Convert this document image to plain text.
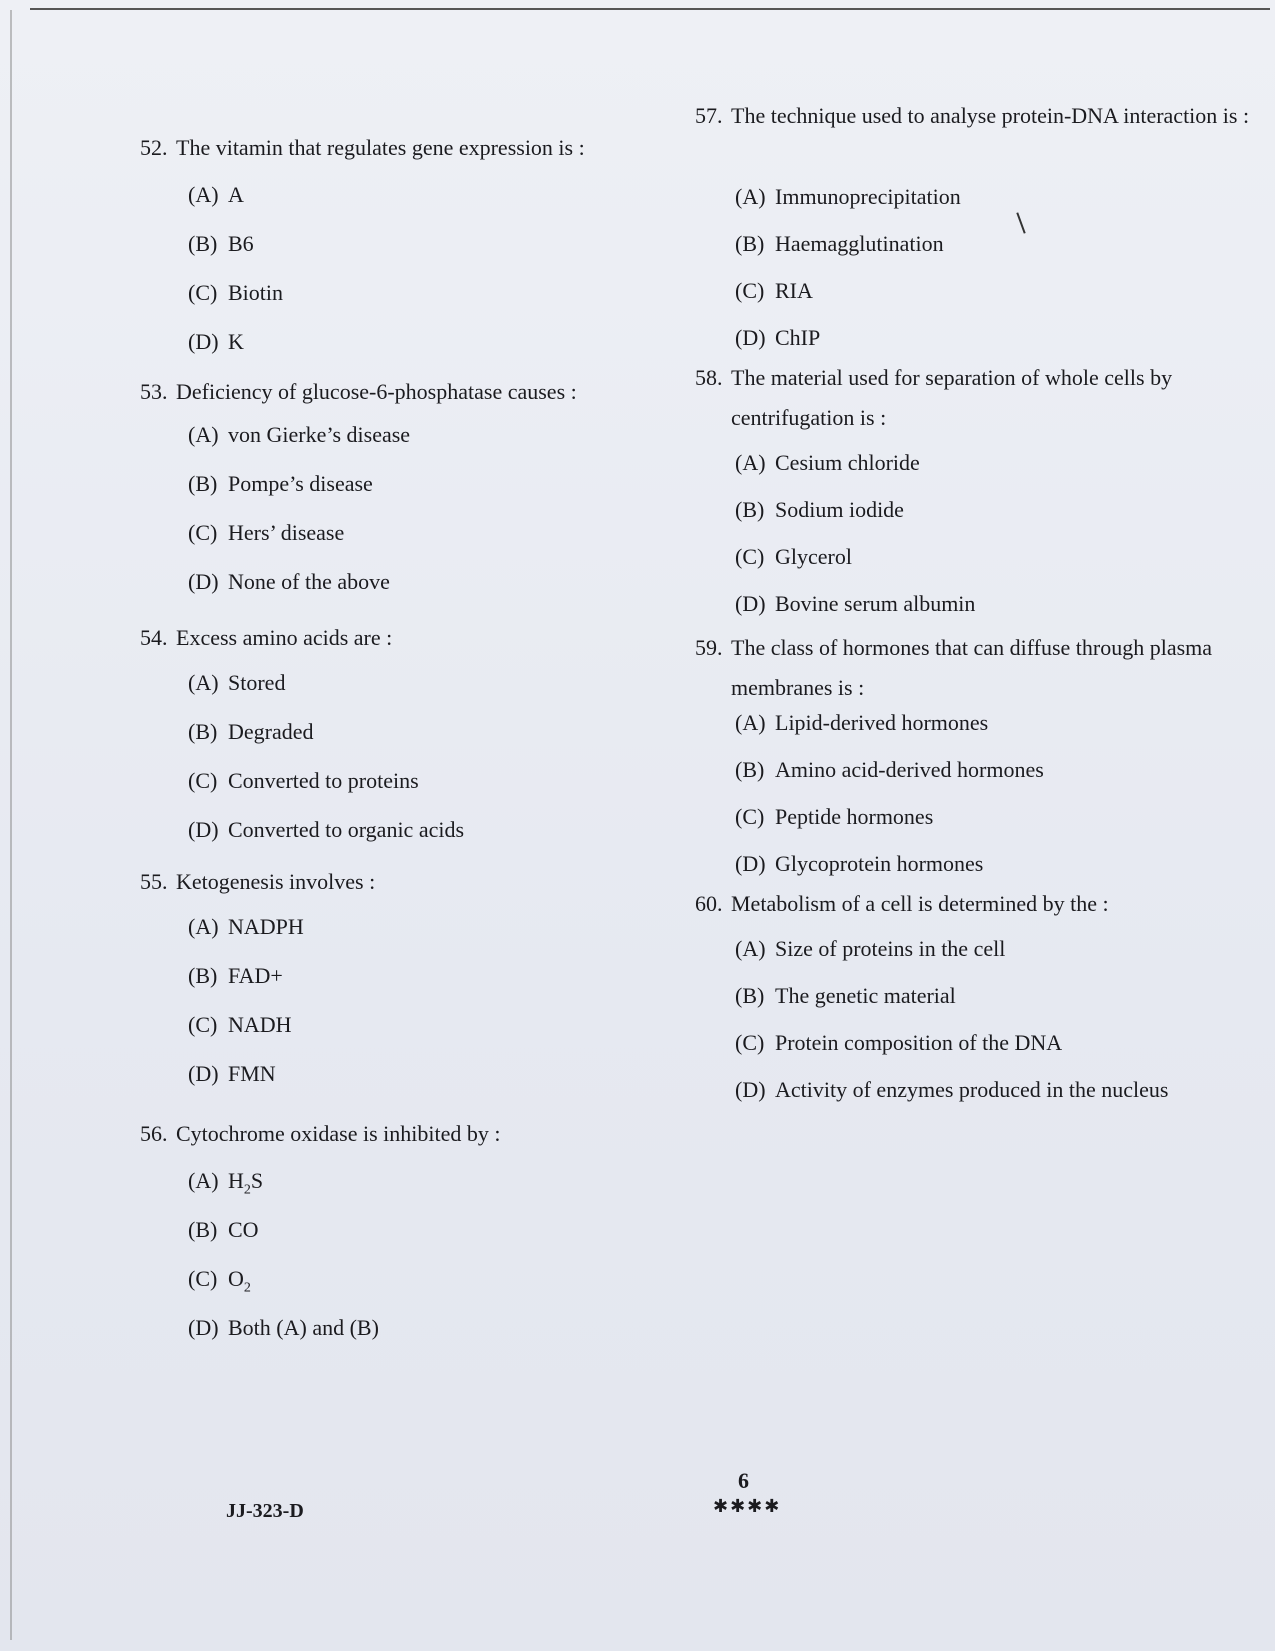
52. The vitamin that regulates gene expression is :
(A) A
(B) B6
(C) Biotin
(D) K
53. Deficiency of glucose-6-phosphatase causes :
(A) von Gierke’s disease
(B) Pompe’s disease
(C) Hers’ disease
(D) None of the above
54. Excess amino acids are :
(A) Stored
(B) Degraded
(C) Converted to proteins
(D) Converted to organic acids
55. Ketogenesis involves :
(A) NADPH
(B) FAD+
(C) NADH
(D) FMN
56. Cytochrome oxidase is inhibited by :
(A) $H_2S$
(B) CO
(C) $O_2$
(D) Both (A) and (B)
57. The technique used to analyse protein-DNA interaction is :
(A) Immunoprecipitation
(B) Haemagglutination
(C) RIA
(D) ChIP
58. The material used for separation of whole cells by centrifugation is :
(A) Cesium chloride
(B) Sodium iodide
(C) Glycerol
(D) Bovine serum albumin
59. The class of hormones that can diffuse through plasma membranes is :
(A) Lipid-derived hormones
(B) Amino acid-derived hormones
(C) Peptide hormones
(D) Glycoprotein hormones
60. Metabolism of a cell is determined by the :
(A) Size of proteins in the cell
(B) The genetic material
(C) Protein composition of the DNA
(D) Activity of enzymes produced in the nucleus
6
JJ-323-D	✱✱✱✱
